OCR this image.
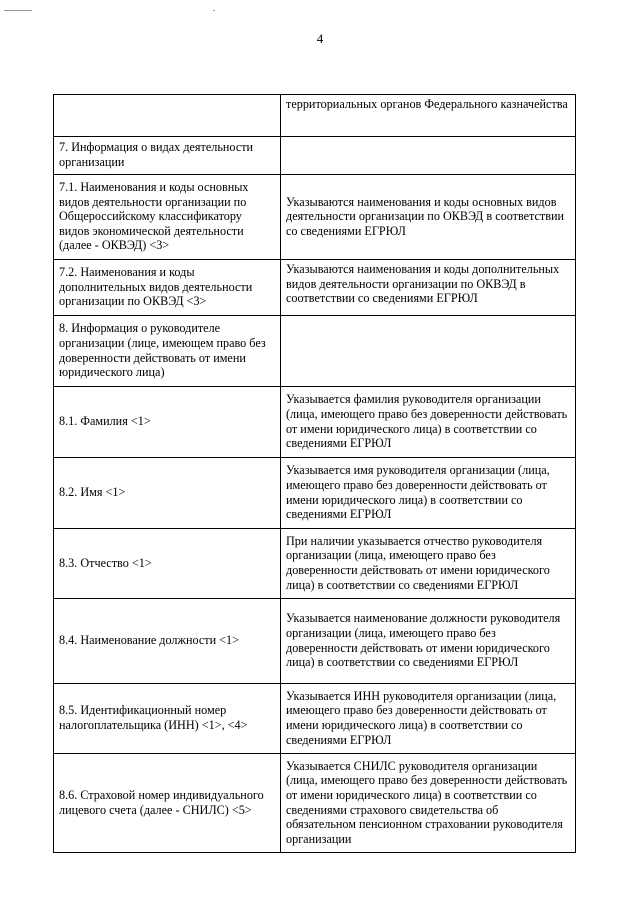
4
	территориальных органов Федерального казначейства
7. Информация о видах деятельности организации	
7.1. Наименования и коды основных видов деятельности организации по Общероссийскому классификатору видов экономической деятельности (далее - ОКВЭД) <3>	Указываются наименования и коды основных видов деятельности организации по ОКВЭД в соответствии со сведениями ЕГРЮЛ
7.2. Наименования и коды дополнительных видов деятельности организации по ОКВЭД <3>	Указываются наименования и коды дополнительных видов деятельности организации по ОКВЭД в соответствии со сведениями ЕГРЮЛ
8. Информация о руководителе организации (лице, имеющем право без доверенности действовать от имени юридического лица)	
8.1. Фамилия <1>	Указывается фамилия руководителя организации (лица, имеющего право без доверенности действовать от имени юридического лица) в соответствии со сведениями ЕГРЮЛ
8.2. Имя <1>	Указывается имя руководителя организации (лица, имеющего право без доверенности действовать от имени юридического лица) в соответствии со сведениями ЕГРЮЛ
8.3. Отчество <1>	При наличии указывается отчество руководителя организации (лица, имеющего право без доверенности действовать от имени юридического лица) в соответствии со сведениями ЕГРЮЛ
8.4. Наименование должности <1>	Указывается наименование должности руководителя организации (лица, имеющего право без доверенности действовать от имени юридического лица) в соответствии со сведениями ЕГРЮЛ
8.5. Идентификационный номер налогоплательщика (ИНН) <1>, <4>	Указывается ИНН руководителя организации (лица, имеющего право без доверенности действовать от имени юридического лица) в соответствии со сведениями ЕГРЮЛ
8.6. Страховой номер индивидуального лицевого счета (далее - СНИЛС) <5>	Указывается СНИЛС руководителя организации (лица, имеющего право без доверенности действовать от имени юридического лица) в соответствии со сведениями страхового свидетельства об обязательном пенсионном страховании руководителя организации
